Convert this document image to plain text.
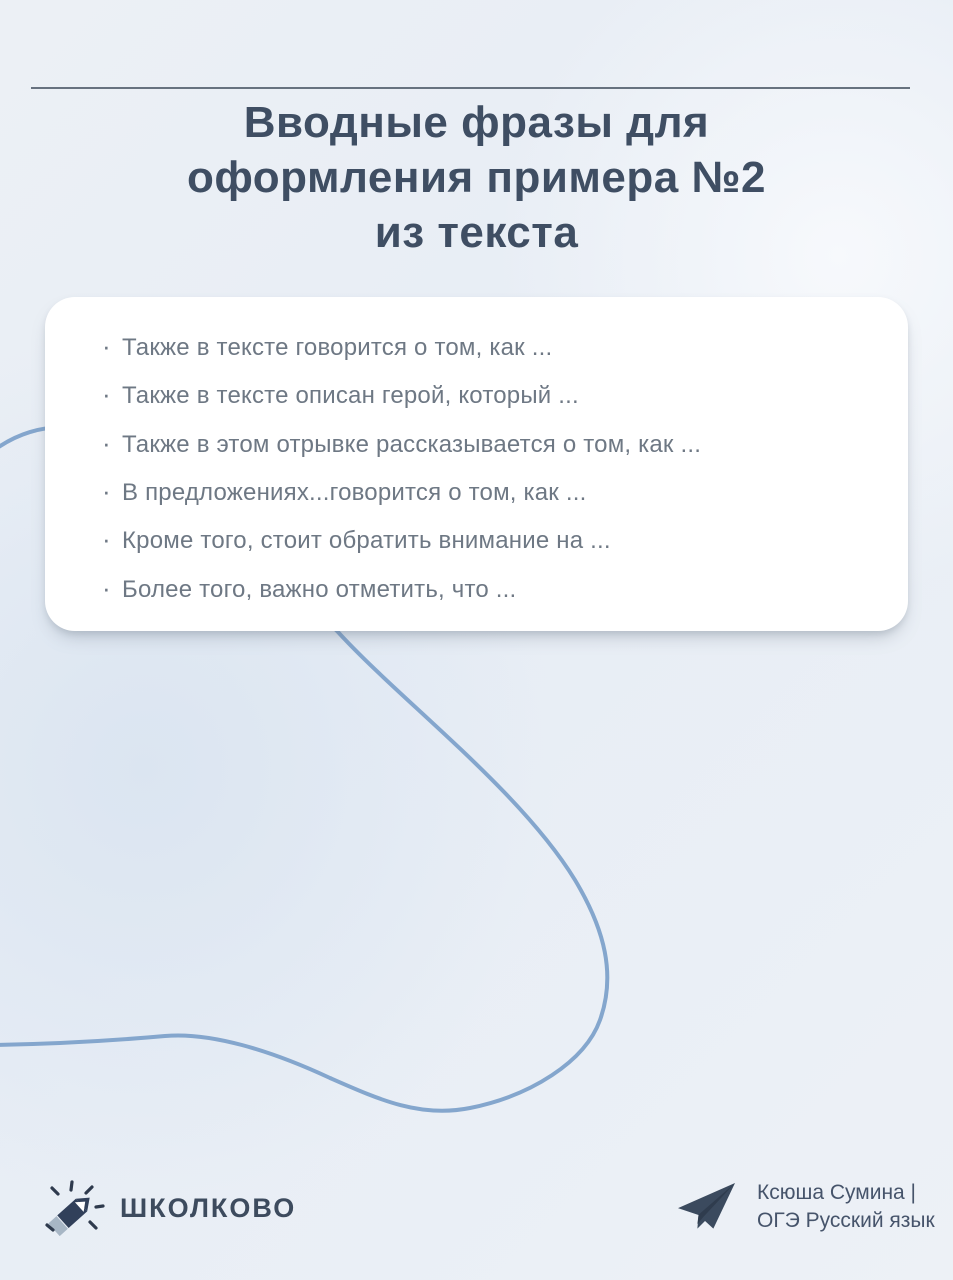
Вводные фразы для
оформления примера №2
из текста
· Также в тексте говорится о том, как ...
· Также в тексте описан герой, который ...
· Также в этом отрывке рассказывается о том, как ...
· В предложениях...говорится о том, как ...
· Кроме того, стоит обратить внимание на ...
· Более того, важно отметить, что ...
ШКОЛКОВО	Ксюша Сумина |
ОГЭ Русский язык
